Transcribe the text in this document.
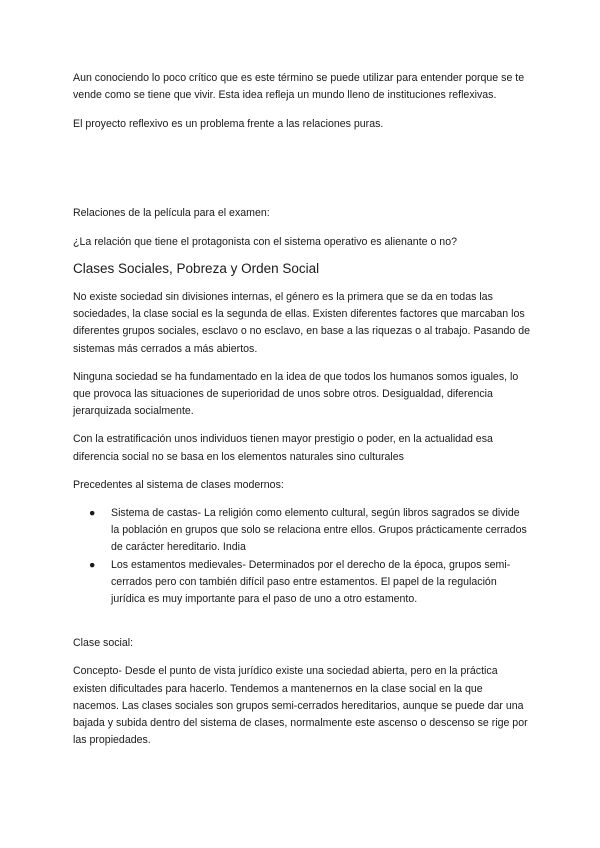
Aun conociendo lo poco crítico que es este término se puede utilizar para entender porque se te vende como se tiene que vivir. Esta idea refleja un mundo lleno de instituciones reflexivas.

El proyecto reflexivo es un problema frente a las relaciones puras.

Relaciones de la película para el examen:

¿La relación que tiene el protagonista con el sistema operativo es alienante o no?

Clases Sociales, Pobreza y Orden Social

No existe sociedad sin divisiones internas, el género es la primera que se da en todas las sociedades, la clase social es la segunda de ellas. Existen diferentes factores que marcaban los diferentes grupos sociales, esclavo o no esclavo, en base a las riquezas o al trabajo. Pasando de sistemas más cerrados a más abiertos.

Ninguna sociedad se ha fundamentado en la idea de que todos los humanos somos iguales, lo que provoca las situaciones de superioridad de unos sobre otros. Desigualdad, diferencia jerarquizada socialmente.

Con la estratificación unos individuos tienen mayor prestigio o poder, en la actualidad esa diferencia social no se basa en los elementos naturales sino culturales

Precedentes al sistema de clases modernos:

● Sistema de castas- La religión como elemento cultural, según libros sagrados se divide la población en grupos que solo se relaciona entre ellos. Grupos prácticamente cerrados de carácter hereditario. India
● Los estamentos medievales- Determinados por el derecho de la época, grupos semi-cerrados pero con también difícil paso entre estamentos. El papel de la regulación jurídica es muy importante para el paso de uno a otro estamento.

Clase social:

Concepto- Desde el punto de vista jurídico existe una sociedad abierta, pero en la práctica existen dificultades para hacerlo. Tendemos a mantenernos en la clase social en la que nacemos. Las clases sociales son grupos semi-cerrados hereditarios, aunque se puede dar una bajada y subida dentro del sistema de clases, normalmente este ascenso o descenso se rige por las propiedades.
